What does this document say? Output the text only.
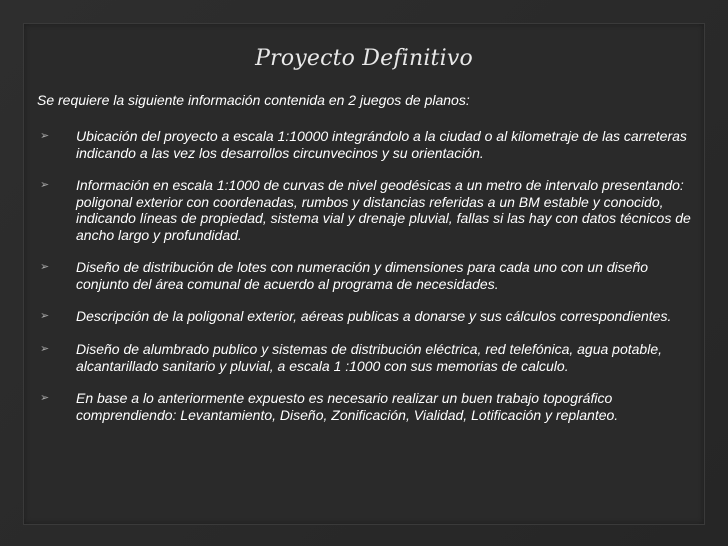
Proyecto Definitivo
Se requiere la siguiente información contenida en 2 juegos de planos:
➢	Ubicación del proyecto a escala 1:10000 integrándolo a la ciudad o al kilometraje de las carreteras indicando a las vez los desarrollos circunvecinos y su orientación.
➢	Información en escala 1:1000 de curvas de nivel geodésicas a un metro de intervalo presentando: poligonal exterior con coordenadas, rumbos y distancias referidas a un BM estable y conocido, indicando líneas de propiedad, sistema vial y drenaje pluvial, fallas si las hay con datos técnicos de ancho largo y profundidad.
➢	Diseño de distribución de lotes con numeración y dimensiones para cada uno con un diseño conjunto del área comunal de acuerdo al programa de necesidades.
➢	Descripción de la poligonal exterior, aéreas publicas a donarse y sus cálculos correspondientes.
➢	Diseño de alumbrado publico y sistemas de distribución eléctrica, red telefónica, agua potable, alcantarillado sanitario y pluvial, a escala 1 :1000 con sus memorias de calculo.
➢	En base a lo anteriormente expuesto es necesario realizar un buen trabajo topográfico comprendiendo: Levantamiento, Diseño, Zonificación, Vialidad, Lotificación y replanteo.
